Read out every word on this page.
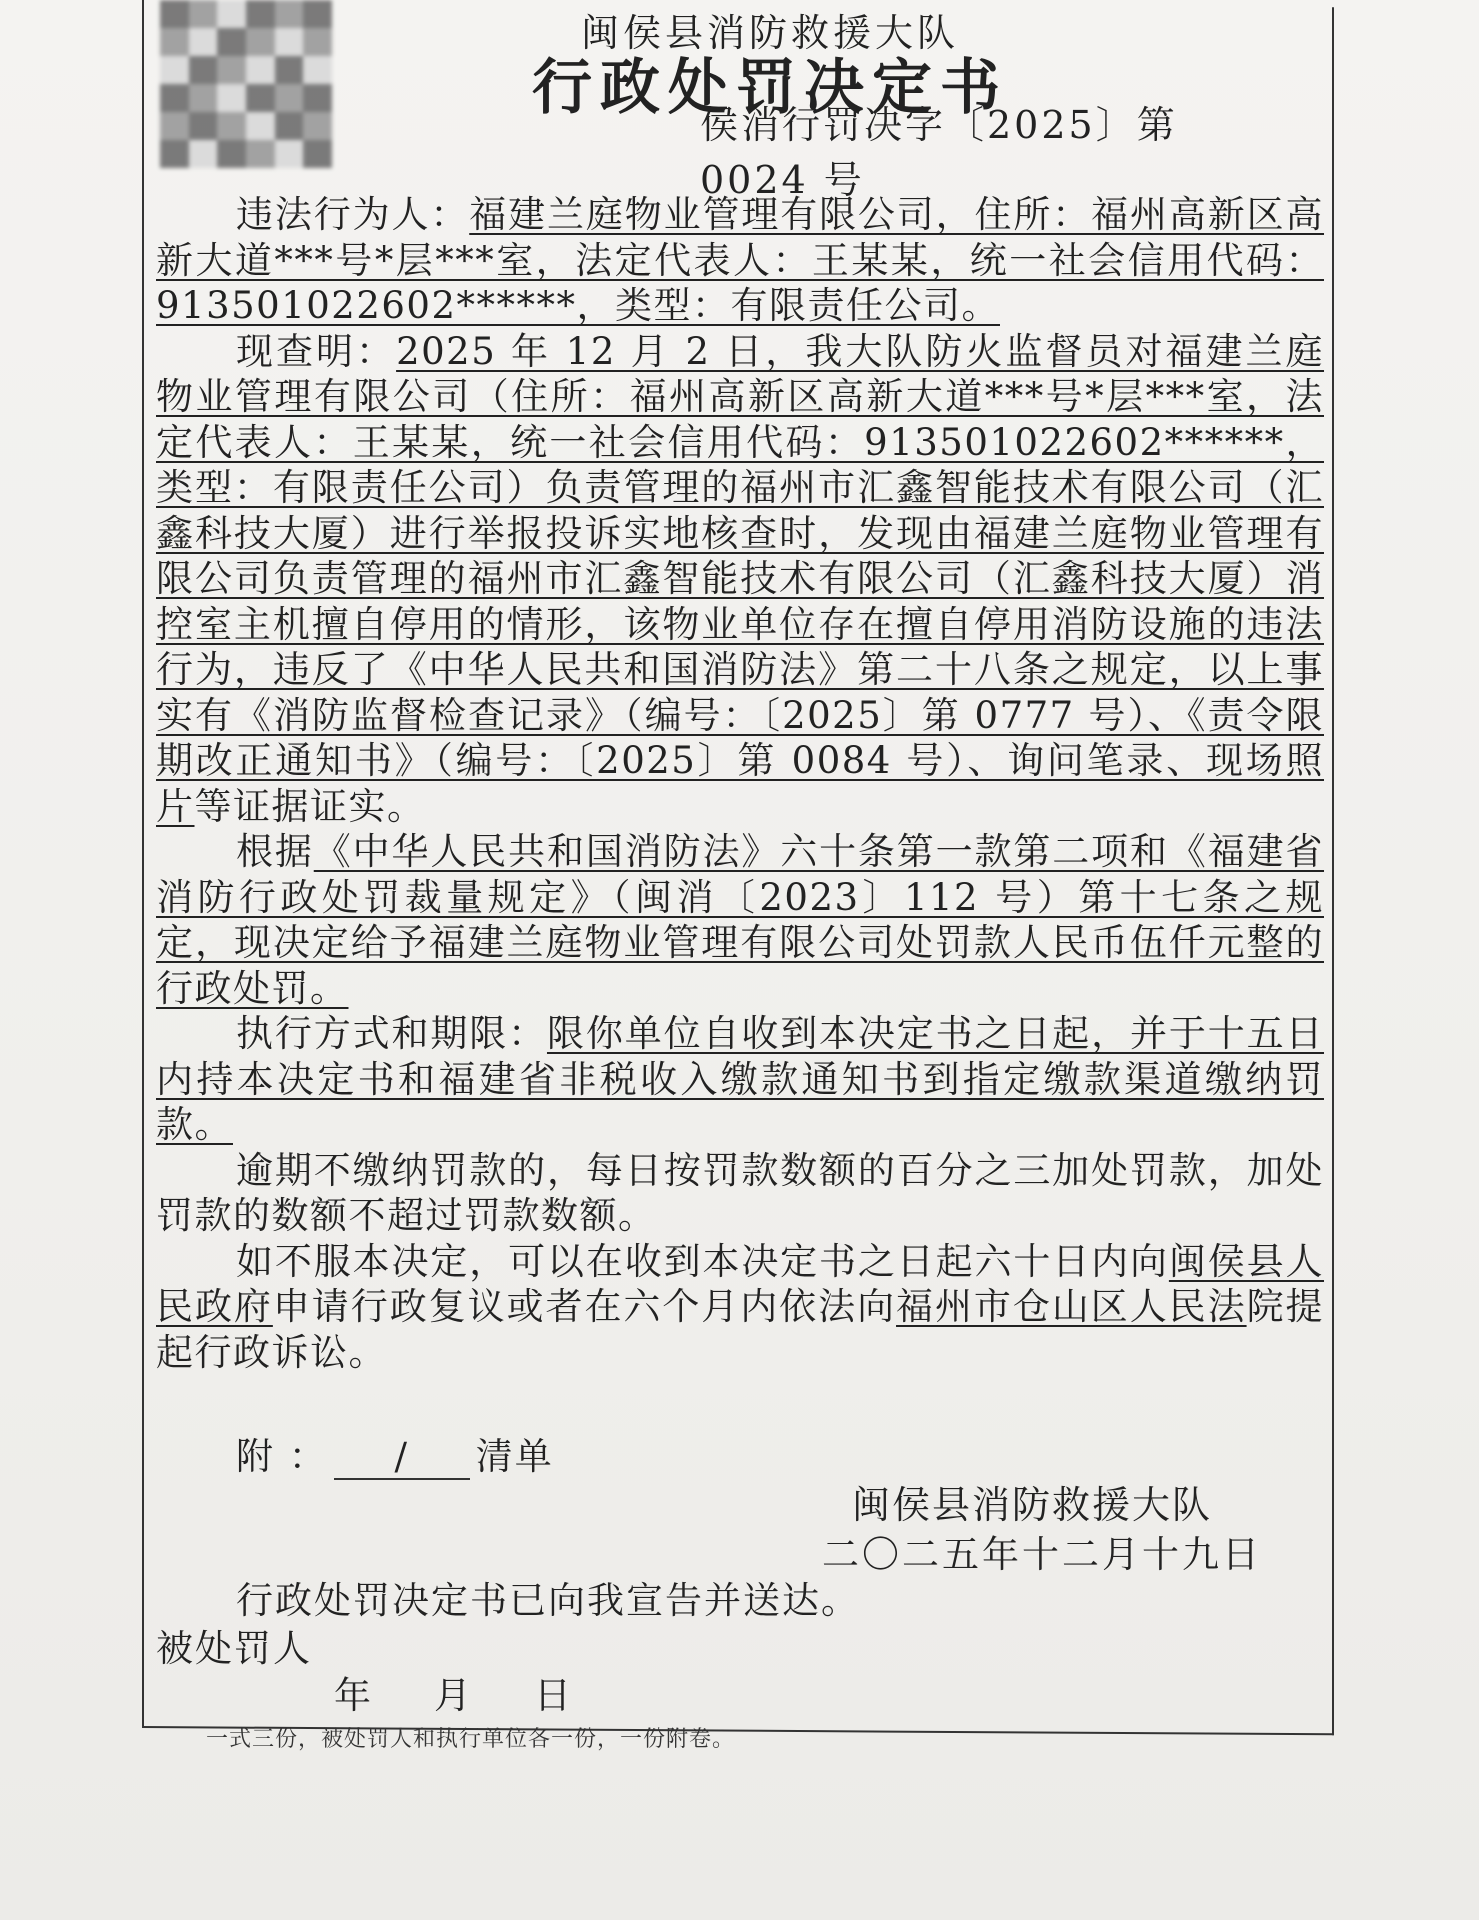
闽侯县消防救援大队
行政处罚决定书
侯消行罚决字〔2025〕第 0024 号

违法行为人：福建兰庭物业管理有限公司，住所：福州高新区高新大道***号*层***室，法定代表人：王某某，统一社会信用代码：913501022602******，类型：有限责任公司。

现查明：2025 年 12 月 2 日，我大队防火监督员对福建兰庭物业管理有限公司（住所：福州高新区高新大道***号*层***室，法定代表人：王某某，统一社会信用代码：913501022602******，类型：有限责任公司）负责管理的福州市汇鑫智能技术有限公司（汇鑫科技大厦）进行举报投诉实地核查时，发现由福建兰庭物业管理有限公司负责管理的福州市汇鑫智能技术有限公司（汇鑫科技大厦）消控室主机擅自停用的情形，该物业单位存在擅自停用消防设施的违法行为，违反了《中华人民共和国消防法》第二十八条之规定，以上事实有《消防监督检查记录》（编号：〔2025〕第 0777 号）、《责令限期改正通知书》（编号：〔2025〕第 0084 号）、询问笔录、现场照片等证据证实。

根据《中华人民共和国消防法》六十条第一款第二项和《福建省消防行政处罚裁量规定》（闽消〔2023〕112 号）第十七条之规定，现决定给予福建兰庭物业管理有限公司处罚款人民币伍仟元整的行政处罚。

执行方式和期限：限你单位自收到本决定书之日起，并于十五日内持本决定书和福建省非税收入缴款通知书到指定缴款渠道缴纳罚款。

逾期不缴纳罚款的，每日按罚款数额的百分之三加处罚款，加处罚款的数额不超过罚款数额。

如不服本决定，可以在收到本决定书之日起六十日内向闽侯县人民政府申请行政复议或者在六个月内依法向福州市仓山区人民法院提起行政诉讼。

附 ： / 清单
闽侯县消防救援大队
二〇二五年十二月十九日
行政处罚决定书已向我宣告并送达。
被处罚人
年 月 日
一式三份，被处罚人和执行单位各一份，一份附卷。
